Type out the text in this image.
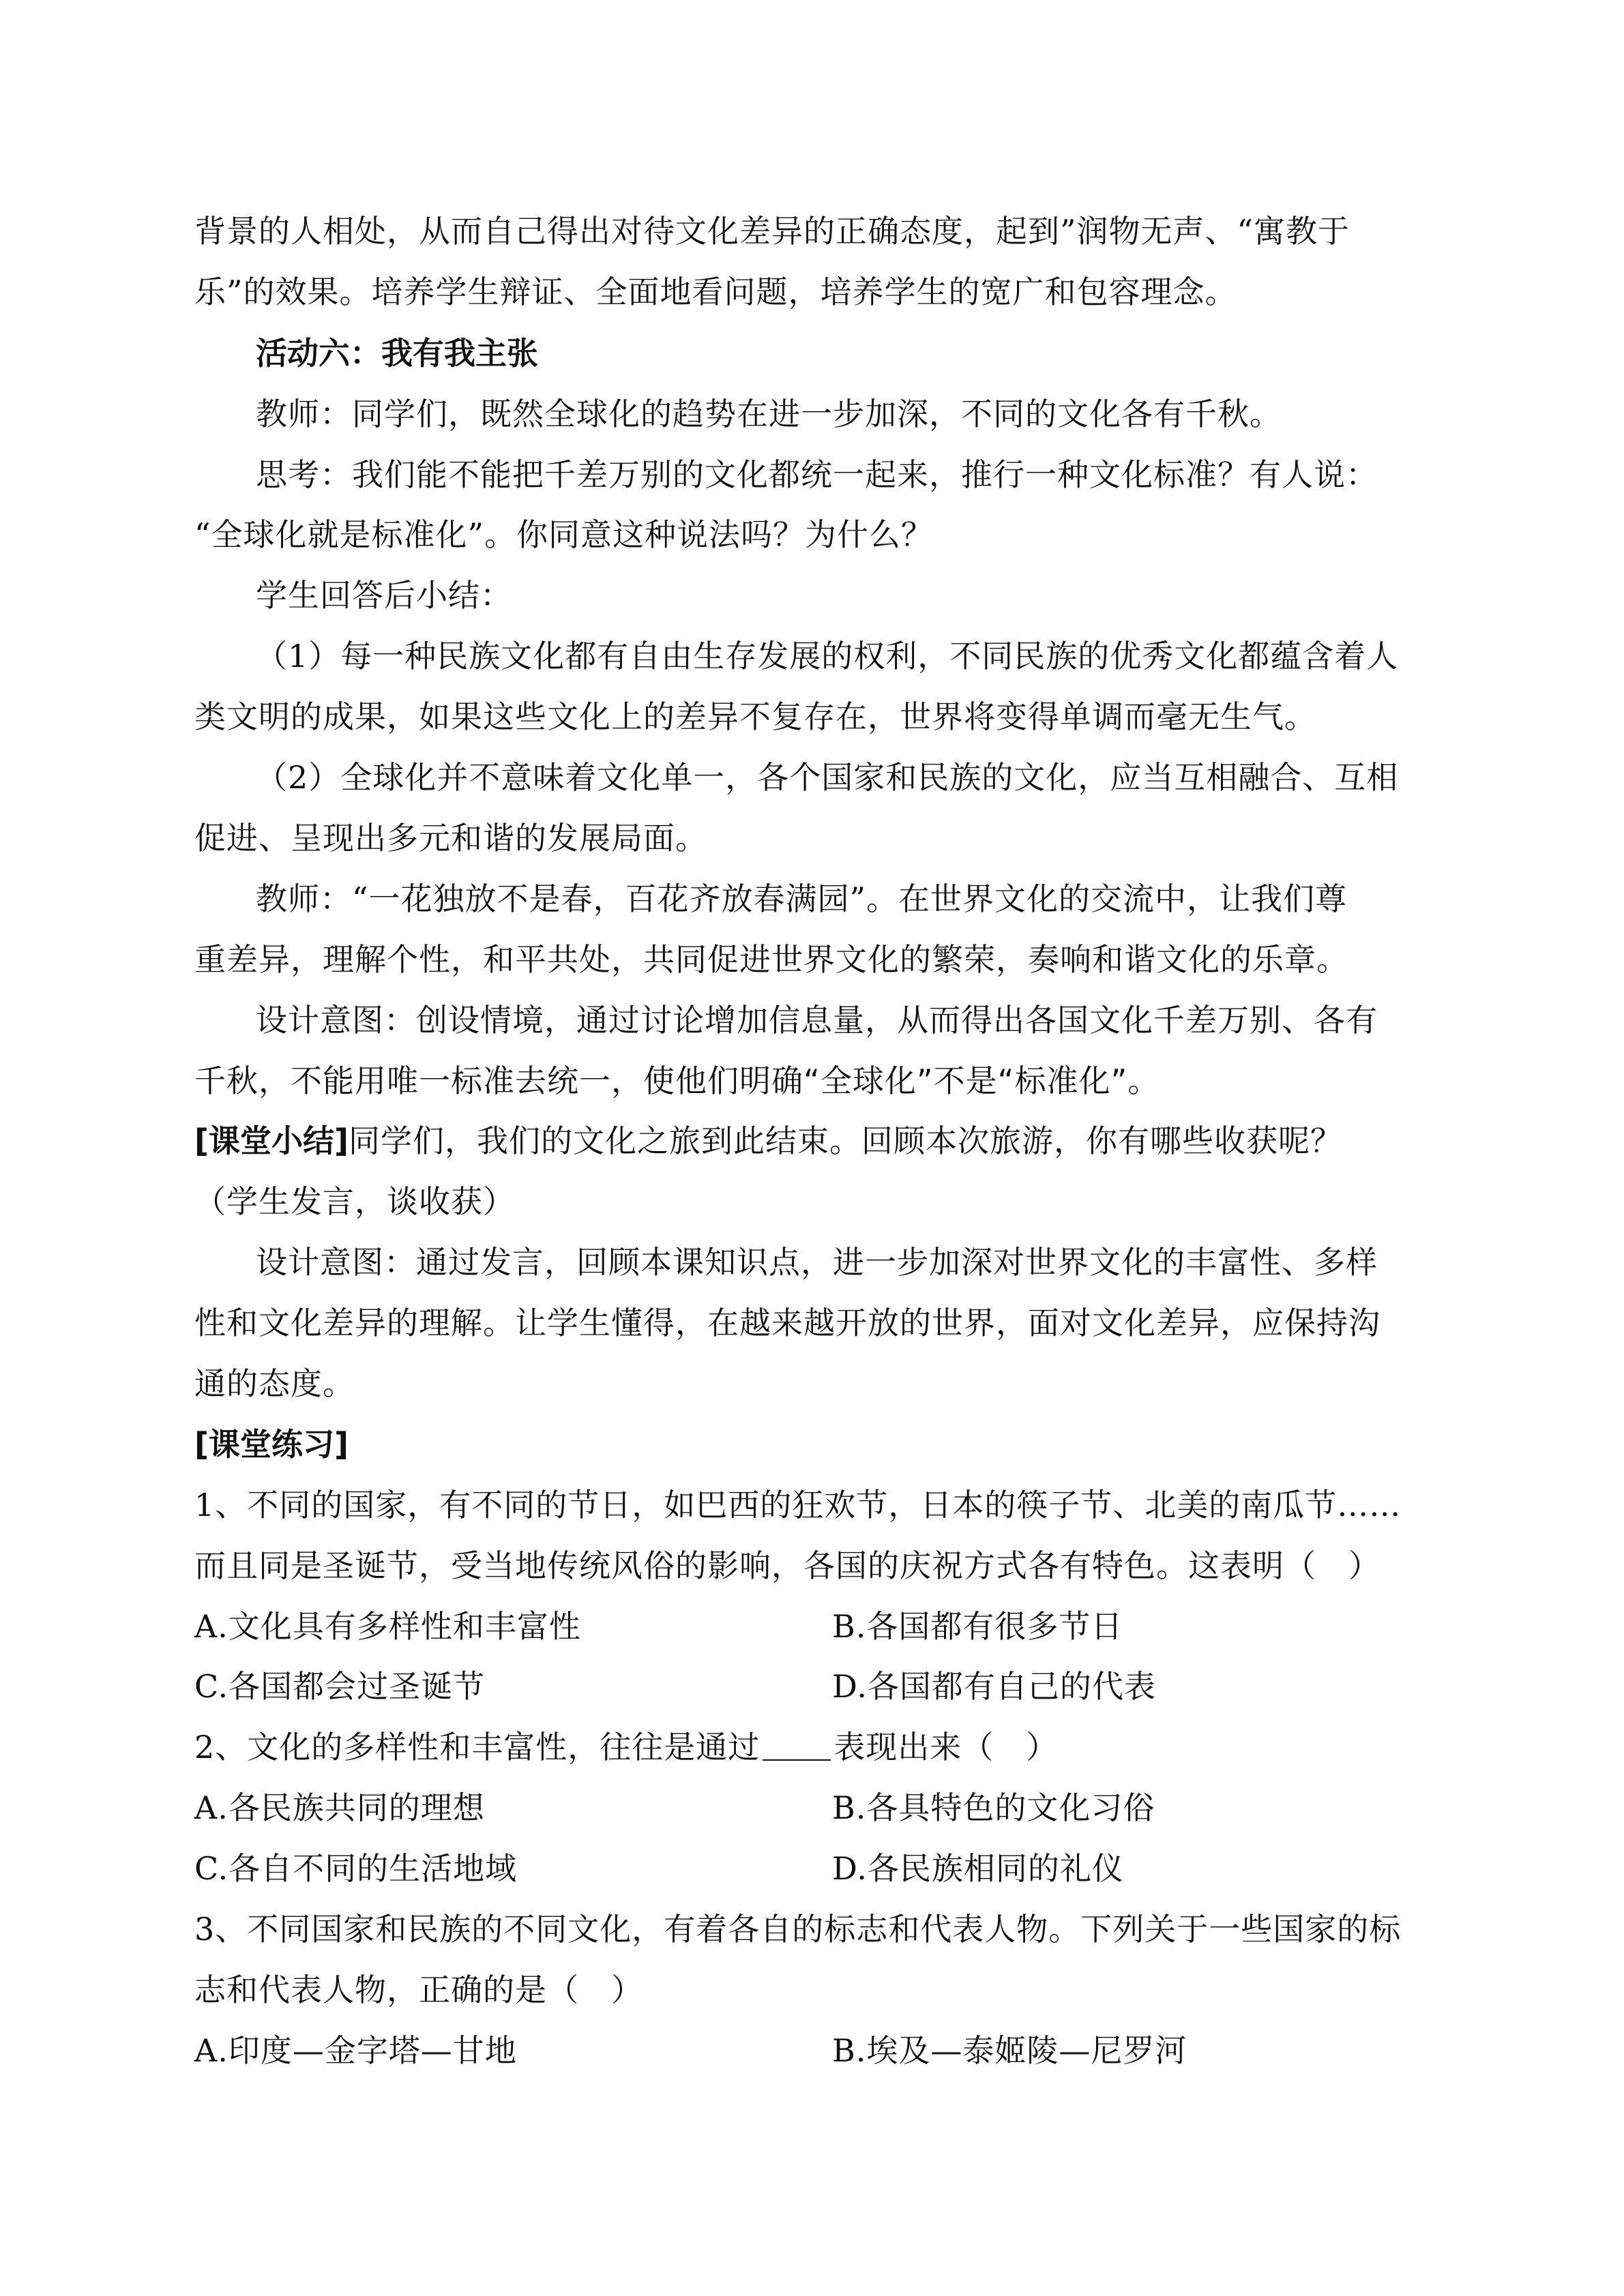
背景的人相处，从而自己得出对待文化差异的正确态度，起到”润物无声、“寓教于
乐”的效果。培养学生辩证、全面地看问题，培养学生的宽广和包容理念。
活动六：我有我主张
教师：同学们，既然全球化的趋势在进一步加深，不同的文化各有千秋。
思考：我们能不能把千差万别的文化都统一起来，推行一种文化标准？有人说：
“全球化就是标准化”。你同意这种说法吗？为什么？
学生回答后小结：
（1）每一种民族文化都有自由生存发展的权利，不同民族的优秀文化都蕴含着人
类文明的成果，如果这些文化上的差异不复存在，世界将变得单调而毫无生气。
（2）全球化并不意味着文化单一，各个国家和民族的文化，应当互相融合、互相
促进、呈现出多元和谐的发展局面。
教师：“一花独放不是春，百花齐放春满园”。在世界文化的交流中，让我们尊
重差异，理解个性，和平共处，共同促进世界文化的繁荣，奏响和谐文化的乐章。
设计意图：创设情境，通过讨论增加信息量，从而得出各国文化千差万别、各有
千秋，不能用唯一标准去统一，使他们明确“全球化”不是“标准化”。
[课堂小结]同学们，我们的文化之旅到此结束。回顾本次旅游，你有哪些收获呢？
（学生发言，谈收获）
设计意图：通过发言，回顾本课知识点，进一步加深对世界文化的丰富性、多样
性和文化差异的理解。让学生懂得，在越来越开放的世界，面对文化差异，应保持沟
通的态度。
[课堂练习]
1、不同的国家，有不同的节日，如巴西的狂欢节，日本的筷子节、北美的南瓜节……
而且同是圣诞节，受当地传统风俗的影响，各国的庆祝方式各有特色。这表明（　）
A.文化具有多样性和丰富性	B.各国都有很多节日
C.各国都会过圣诞节	D.各国都有自己的代表
2、文化的多样性和丰富性，往往是通过 表现出来（　）
A.各民族共同的理想	B.各具特色的文化习俗
C.各自不同的生活地域	D.各民族相同的礼仪
3、不同国家和民族的不同文化，有着各自的标志和代表人物。下列关于一些国家的标
志和代表人物，正确的是（　）
A.印度—金字塔—甘地	B.埃及—泰姬陵—尼罗河
